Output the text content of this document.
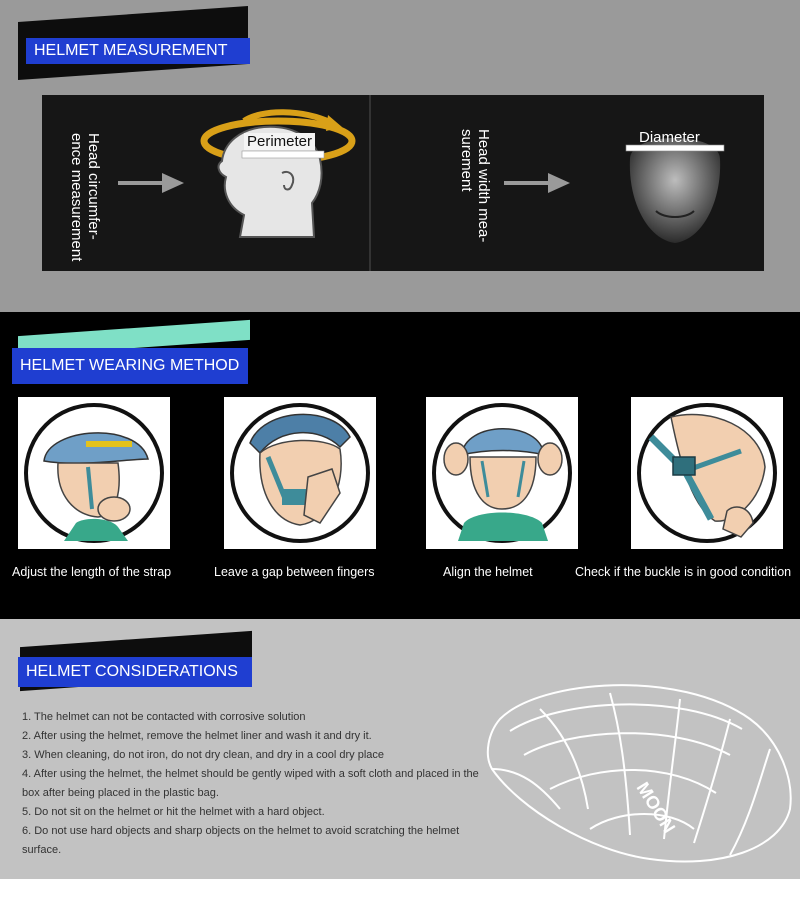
HELMET MEASUREMENT
Head circumfer-
ence measurement
Perimeter	Head width mea-
surement	Diameter
HELMET WEARING METHOD
Adjust the length of the strap	Leave a gap between fingers	Align the helmet	Check if the buckle is in good condition
HELMET CONSIDERATIONS

1. The helmet can not be contacted with corrosive solution

2. After using the helmet, remove the helmet liner and wash it and dry it.

3. When cleaning, do not iron, do not dry clean, and dry in a cool dry place

4. After using the helmet, the helmet should be gently wiped with a soft cloth and placed in the box after being placed in the plastic bag.

5. Do not sit on the helmet or hit the helmet with a hard object.

6. Do not use hard objects and sharp objects on the helmet to avoid scratching the helmet surface.

MOON
